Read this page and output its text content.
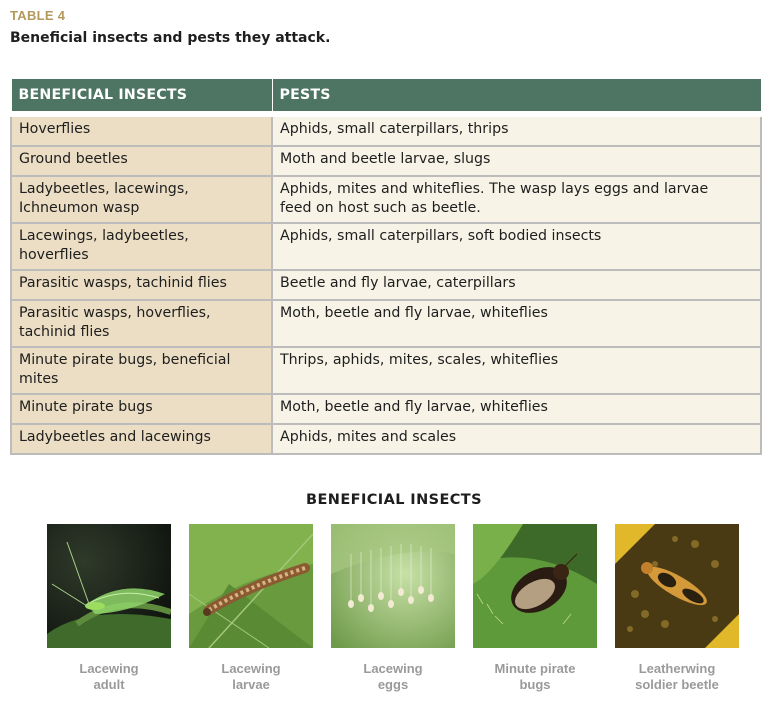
TABLE 4
Beneficial insects and pests they attack.
BENEFICIAL INSECTS	PESTS
Hoverflies	Aphids, small caterpillars, thrips
Ground beetles	Moth and beetle larvae, slugs
Ladybeetles, lacewings,
Ichneumon wasp	Aphids, mites and whiteflies. The wasp lays eggs and larvae
feed on host such as beetle.
Lacewings, ladybeetles,
hoverflies	Aphids, small caterpillars, soft bodied insects
Parasitic wasps, tachinid flies	Beetle and fly larvae, caterpillars
Parasitic wasps, hoverflies,
tachinid flies	Moth, beetle and fly larvae, whiteflies
Minute pirate bugs, beneficial
mites	Thrips, aphids, mites, scales, whiteflies
Minute pirate bugs	Moth, beetle and fly larvae, whiteflies
Ladybeetles and lacewings	Aphids, mites and scales
BENEFICIAL INSECTS
Lacewing
adult
Lacewing
larvae
Lacewing
eggs
Minute pirate
bugs
Leatherwing
soldier beetle
